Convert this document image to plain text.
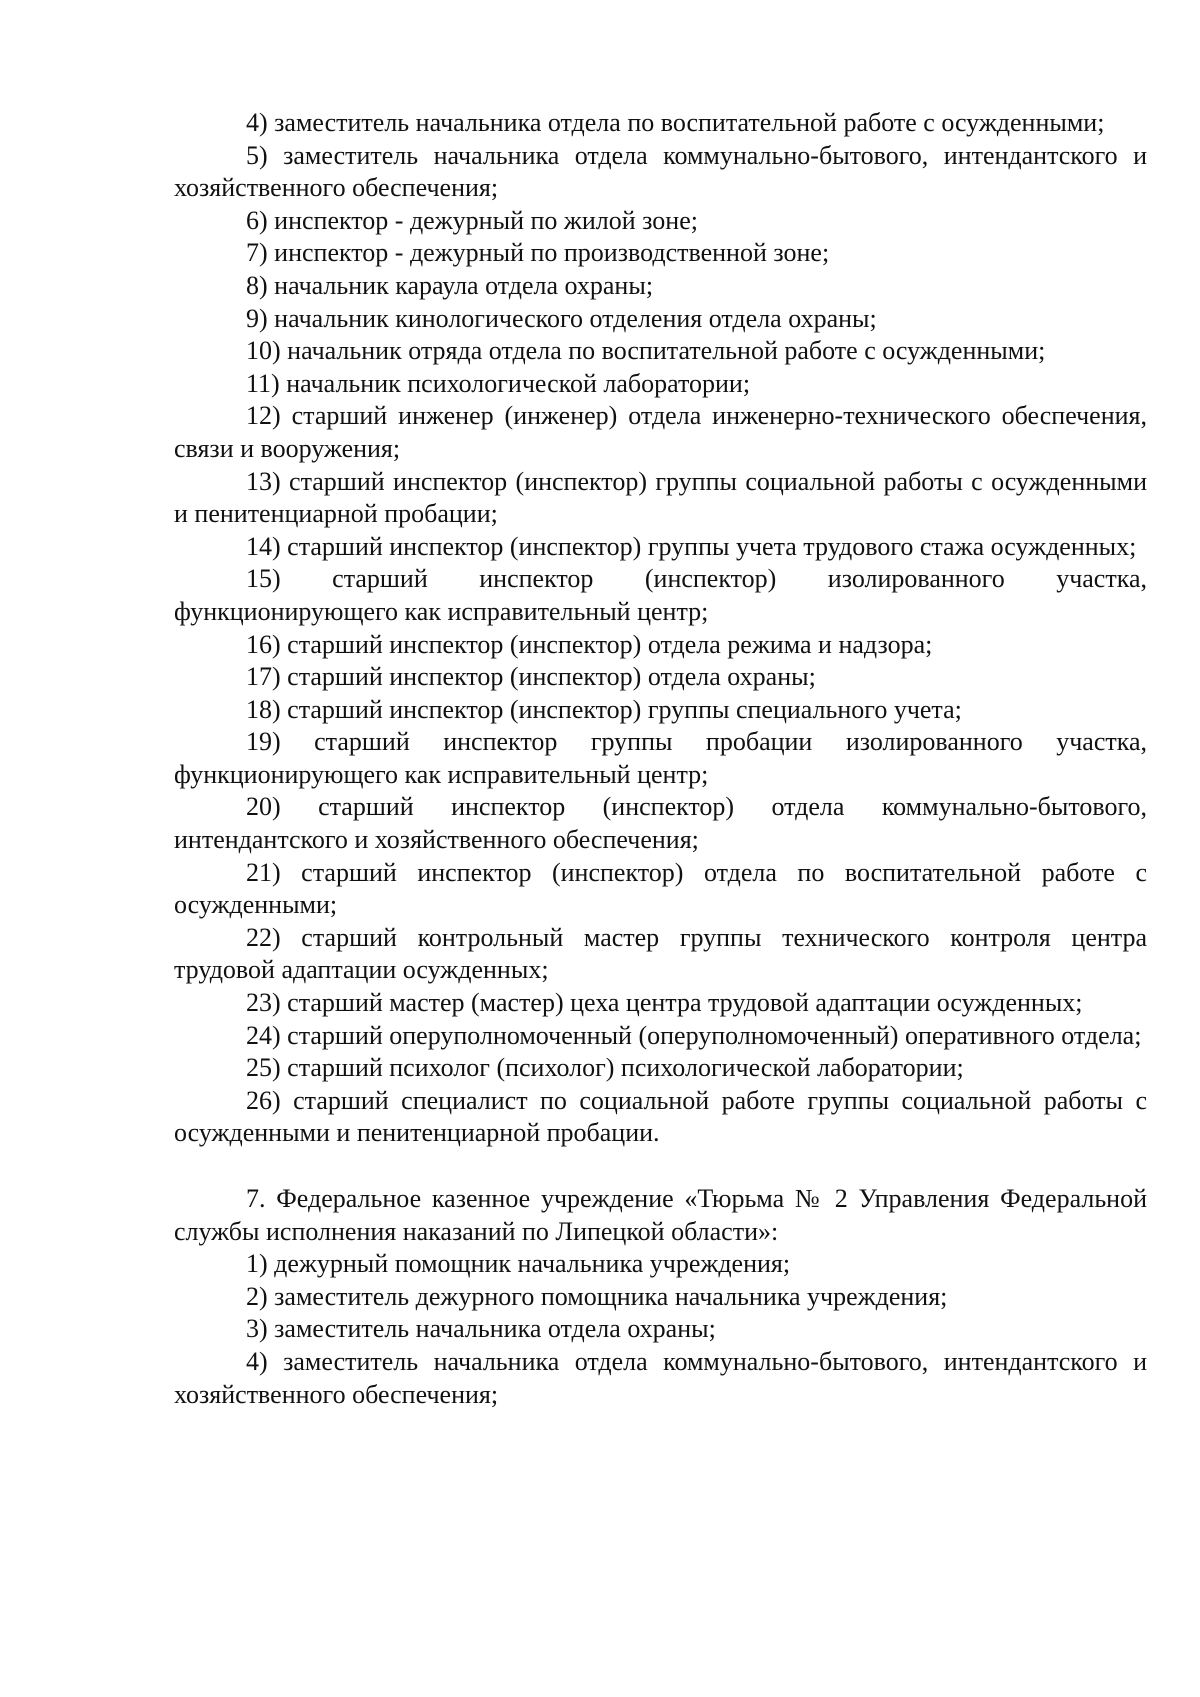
4) заместитель начальника отдела по воспитательной работе с осужденными;

5) заместитель начальника отдела коммунально-бытового, интендантского и хозяйственного обеспечения;

6) инспектор - дежурный по жилой зоне;

7) инспектор - дежурный по производственной зоне;

8) начальник караула отдела охраны;

9) начальник кинологического отделения отдела охраны;

10) начальник отряда отдела по воспитательной работе с осужденными;

11) начальник психологической лаборатории;

12) старший инженер (инженер) отдела инженерно-технического обеспечения, связи и вооружения;

13) старший инспектор (инспектор) группы социальной работы с осужденными и пенитенциарной пробации;

14) старший инспектор (инспектор) группы учета трудового стажа осужденных;

15) старший инспектор (инспектор) изолированного участка, функционирующего как исправительный центр;

16) старший инспектор (инспектор) отдела режима и надзора;

17) старший инспектор (инспектор) отдела охраны;

18) старший инспектор (инспектор) группы специального учета;

19) старший инспектор группы пробации изолированного участка, функционирующего как исправительный центр;

20) старший инспектор (инспектор) отдела коммунально-бытового, интендантского и хозяйственного обеспечения;

21) старший инспектор (инспектор) отдела по воспитательной работе с осужденными;

22) старший контрольный мастер группы технического контроля центра трудовой адаптации осужденных;

23) старший мастер (мастер) цеха центра трудовой адаптации осужденных;

24) старший оперуполномоченный (оперуполномоченный) оперативного отдела;

25) старший психолог (психолог) психологической лаборатории;

26) старший специалист по социальной работе группы социальной работы с осужденными и пенитенциарной пробации.

7. Федеральное казенное учреждение «Тюрьма № 2 Управления Федеральной службы исполнения наказаний по Липецкой области»:

1) дежурный помощник начальника учреждения;

2) заместитель дежурного помощника начальника учреждения;

3) заместитель начальника отдела охраны;

4) заместитель начальника отдела коммунально-бытового, интендантского и хозяйственного обеспечения;
